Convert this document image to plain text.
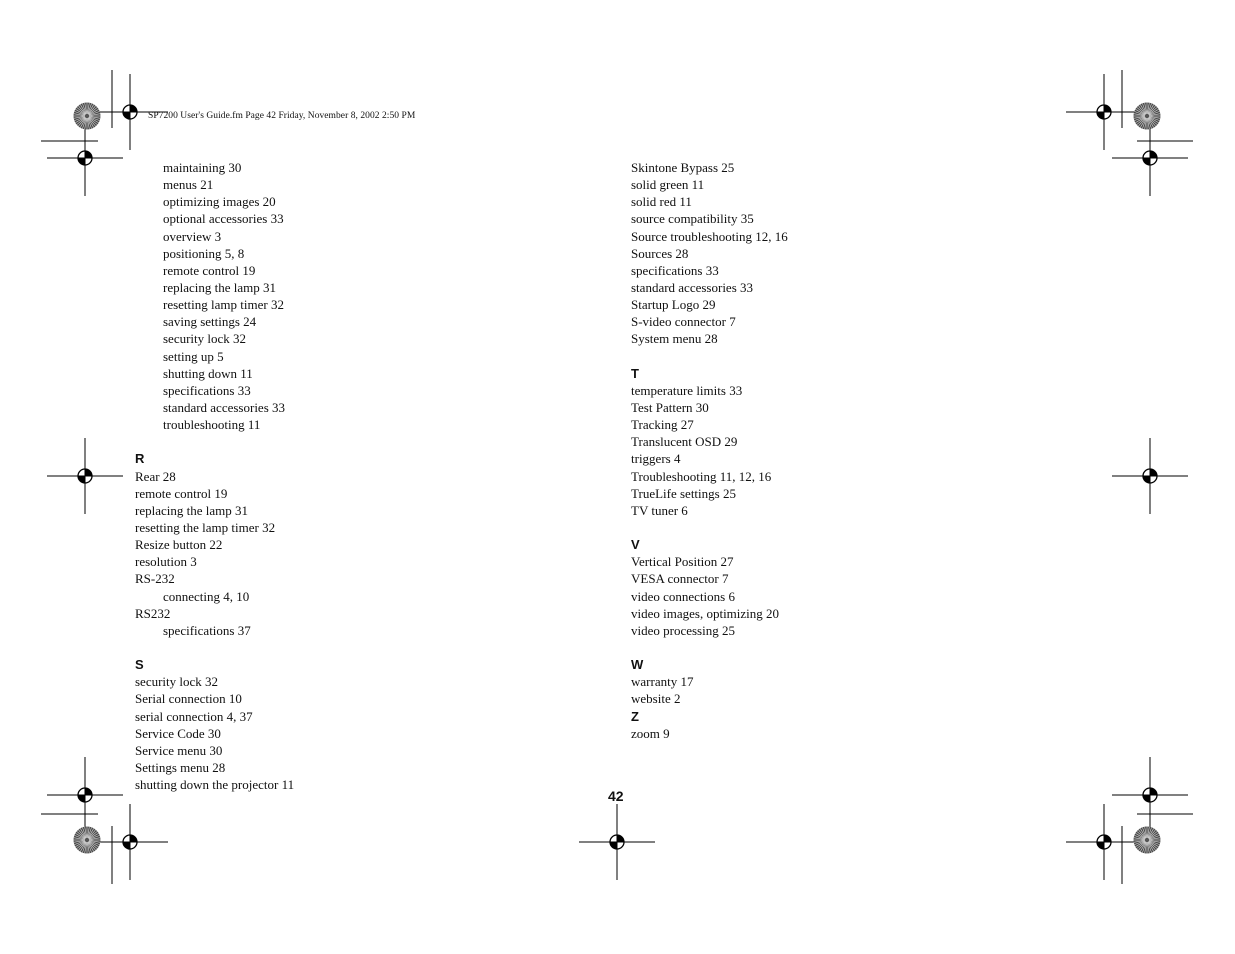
SP7200 User's Guide.fm Page 42 Friday, November 8, 2002 2:50 PM
maintaining 30
menus 21
optimizing images 20
optional accessories 33
overview 3
positioning 5, 8
remote control 19
replacing the lamp 31
resetting lamp timer 32
saving settings 24
security lock 32
setting up 5
shutting down 11
specifications 33
standard accessories 33
troubleshooting 11
R
Rear 28
remote control 19
replacing the lamp 31
resetting the lamp timer 32
Resize button 22
resolution 3
RS-232
connecting 4, 10
RS232
specifications 37
S
security lock 32
Serial connection 10
serial connection 4, 37
Service Code 30
Service menu 30
Settings menu 28
shutting down the projector 11
Skintone Bypass 25
solid green 11
solid red 11
source compatibility 35
Source troubleshooting 12, 16
Sources 28
specifications 33
standard accessories 33
Startup Logo 29
S-video connector 7
System menu 28
T
temperature limits 33
Test Pattern 30
Tracking 27
Translucent OSD 29
triggers 4
Troubleshooting 11, 12, 16
TrueLife settings 25
TV tuner 6
V
Vertical Position 27
VESA connector 7
video connections 6
video images, optimizing 20
video processing 25
W
warranty 17
website 2
Z
zoom 9
42
